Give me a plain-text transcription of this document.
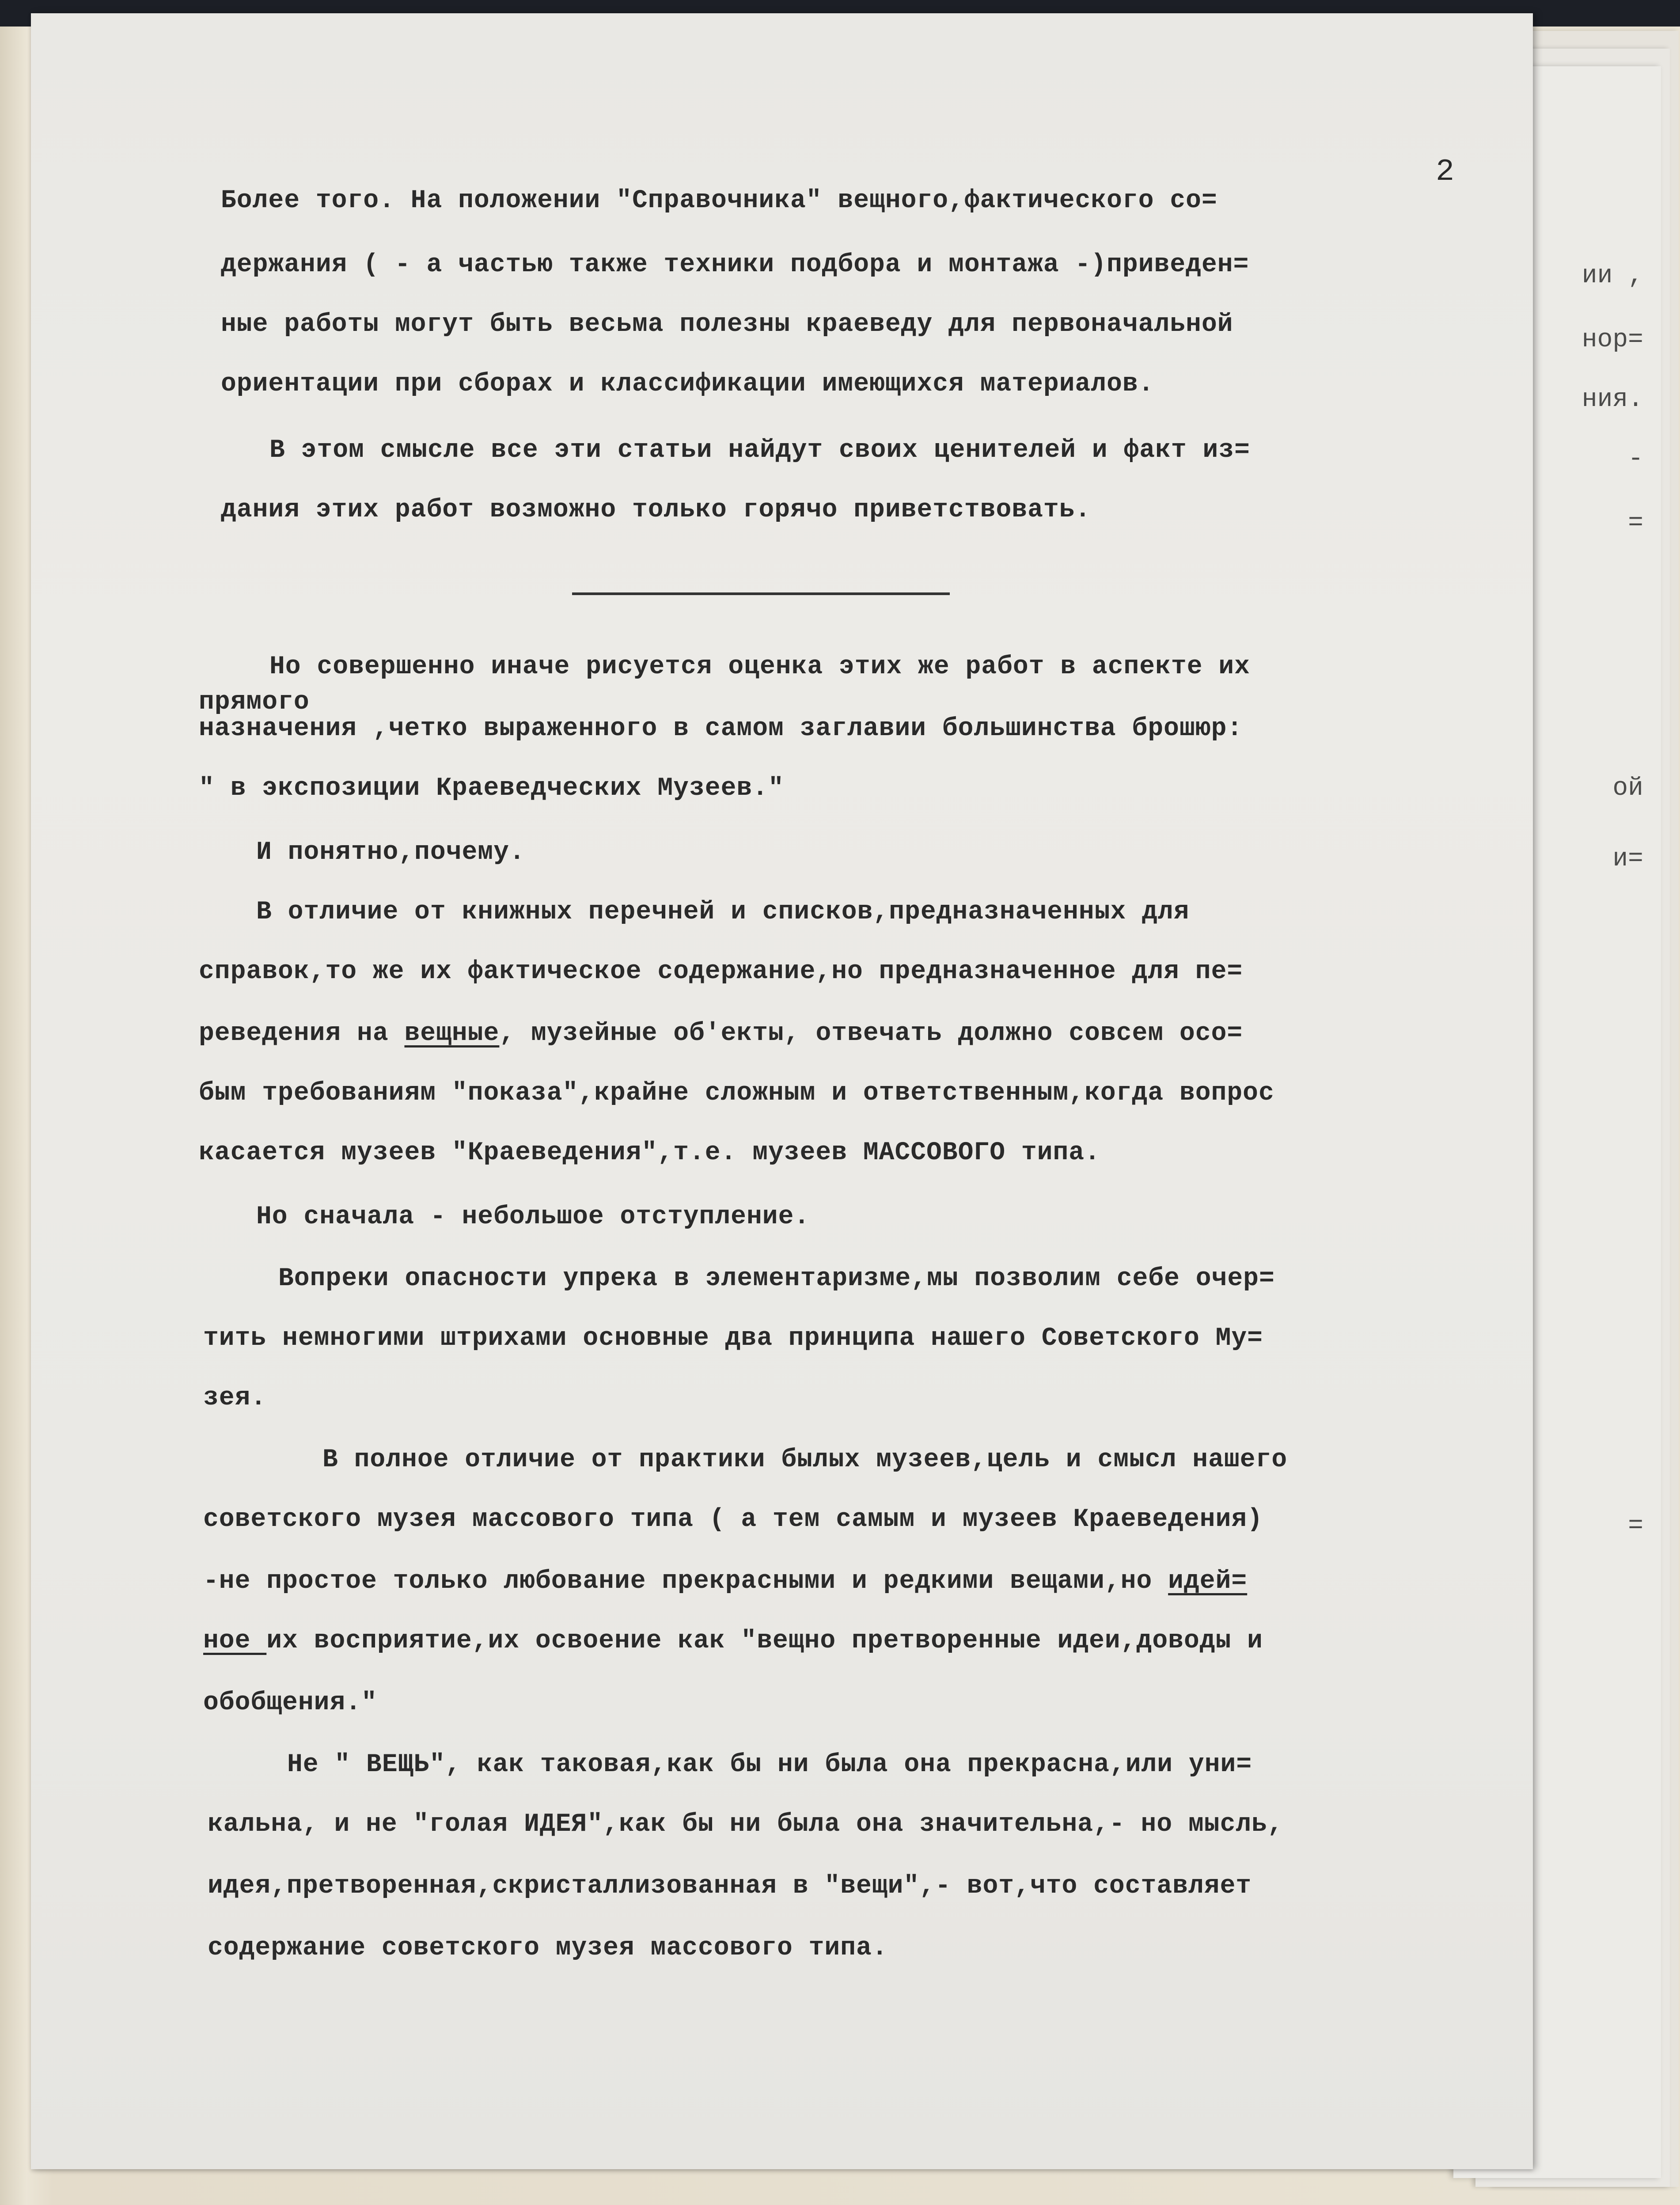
ии ,
нор=
ния.
-
=
ой
и=
=
2
Более того. На положении "Справочника" вещного,фактического со=
держания ( - а частью также техники подбора и монтажа -)приведен=
ные работы могут быть весьма полезны краеведу для первоначальной
ориентации при сборах и классификации имеющихся материалов.
В этом смысле все эти статьи найдут своих ценителей и факт из=
дания этих работ возможно только горячо приветствовать.
Но совершенно иначе рисуется оценка этих же работ в аспекте их
прямого
назначения ,четко выраженного в самом заглавии большинства брошюр:
" в экспозиции Краеведческих Музеев."
И понятно,почему.
В отличие от книжных перечней и списков,предназначенных для
справок,то же их фактическое содержание,но предназначенное для пе=
реведения на вещные, музейные об'екты, отвечать должно совсем осо=
бым требованиям "показа",крайне сложным и ответственным,когда вопрос
касается музеев "Краеведения",т.е. музеев МАССОВОГО типа.
Но сначала - небольшое отступление.
Вопреки опасности упрека в элементаризме,мы позволим себе очер=
тить немногими штрихами основные два принципа нашего Советского Му=
зея.
В полное отличие от практики былых музеев,цель и смысл нашего
советского музея массового типа ( а тем самым и музеев Краеведения)
-не простое только любование прекрасными и редкими вещами,но идей=
ное их восприятие,их освоение как "вещно претворенные идеи,доводы и
обобщения."
Не " ВЕЩЬ", как таковая,как бы ни была она прекрасна,или уни=
кальна, и не "голая ИДЕЯ",как бы ни была она значительна,- но мысль,
идея,претворенная,скристаллизованная в "вещи",- вот,что составляет
содержание советского музея массового типа.
